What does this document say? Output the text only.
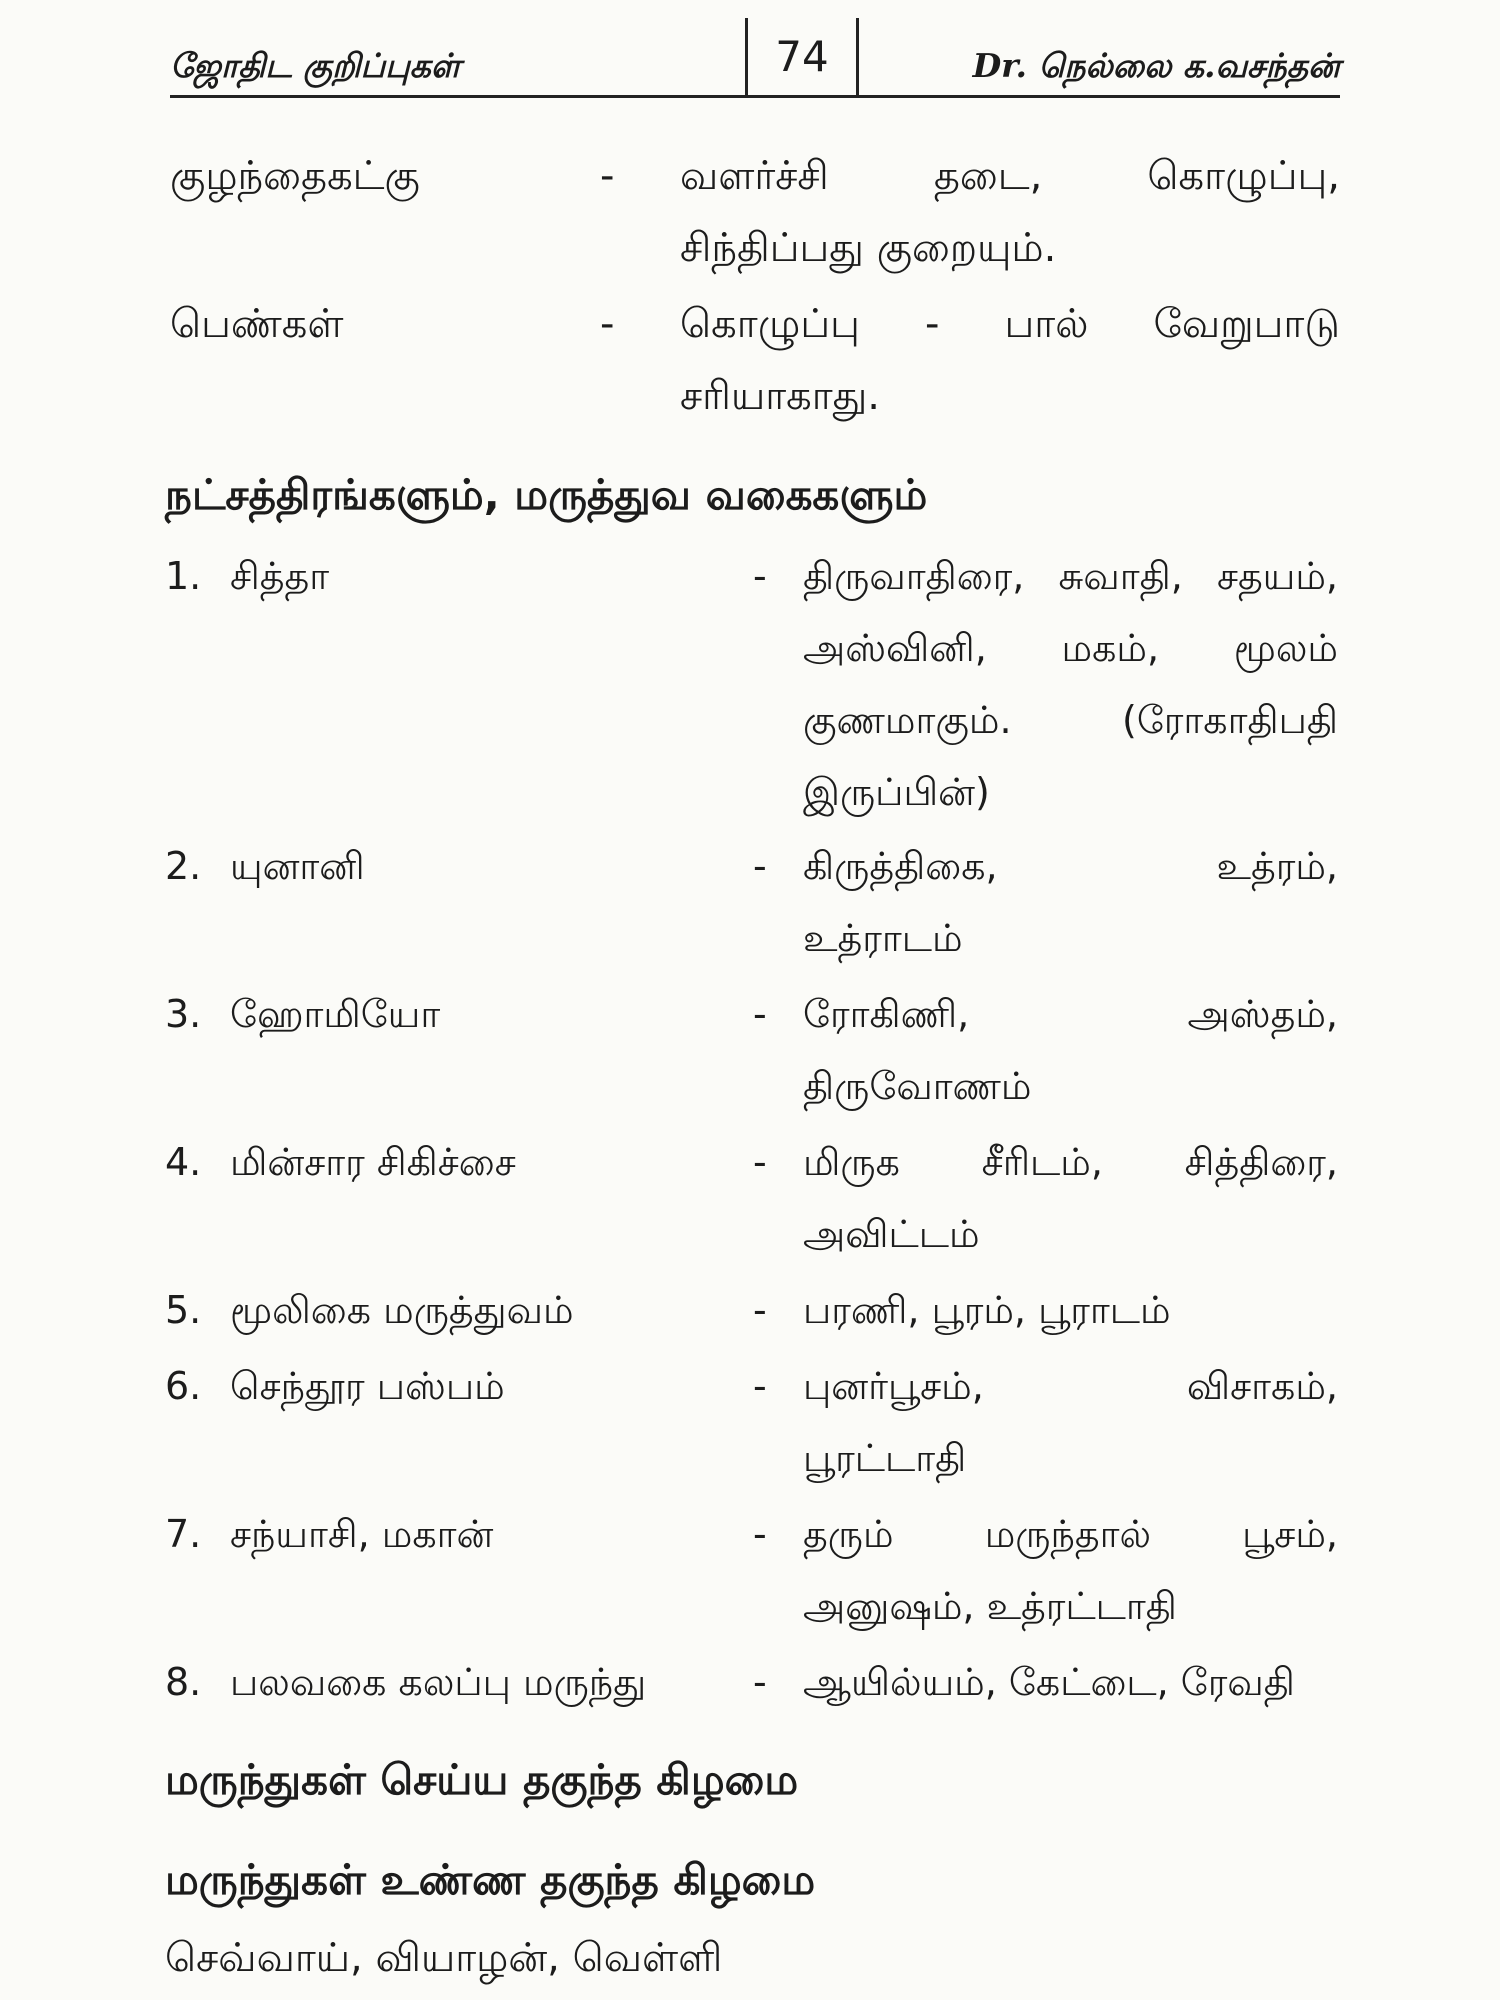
ஜோதிட குறிப்புகள்	74	Dr. நெல்லை க.வசந்தன்
குழந்தைகட்கு	- வளர்ச்சி தடை, கொழுப்பு,
சிந்திப்பது குறையும்.
பெண்கள்	- கொழுப்பு - பால் வேறுபாடு
சரியாகாது.
நட்சத்திரங்களும், மருத்துவ வகைகளும்
1. சித்தா	- திருவாதிரை, சுவாதி, சதயம்,
அஸ்வினி, மகம், மூலம்
குணமாகும். (ரோகாதிபதி
இருப்பின்)
2. யுனானி	- கிருத்திகை, உத்ரம்,
உத்ராடம்
3. ஹோமியோ	- ரோகிணி, அஸ்தம்,
திருவோணம்
4. மின்சார சிகிச்சை	- மிருக சீரிடம், சித்திரை,
அவிட்டம்
5. மூலிகை மருத்துவம்	- பரணி, பூரம், பூராடம்
6. செந்தூர பஸ்பம்	- புனர்பூசம், விசாகம்,
பூரட்டாதி
7. சந்யாசி, மகான்	- தரும் மருந்தால் பூசம்,
அனுஷம், உத்ரட்டாதி
8. பலவகை கலப்பு மருந்து	- ஆயில்யம், கேட்டை, ரேவதி
மருந்துகள் செய்ய தகுந்த கிழமை
மருந்துகள் உண்ண தகுந்த கிழமை
செவ்வாய், வியாழன், வெள்ளி
